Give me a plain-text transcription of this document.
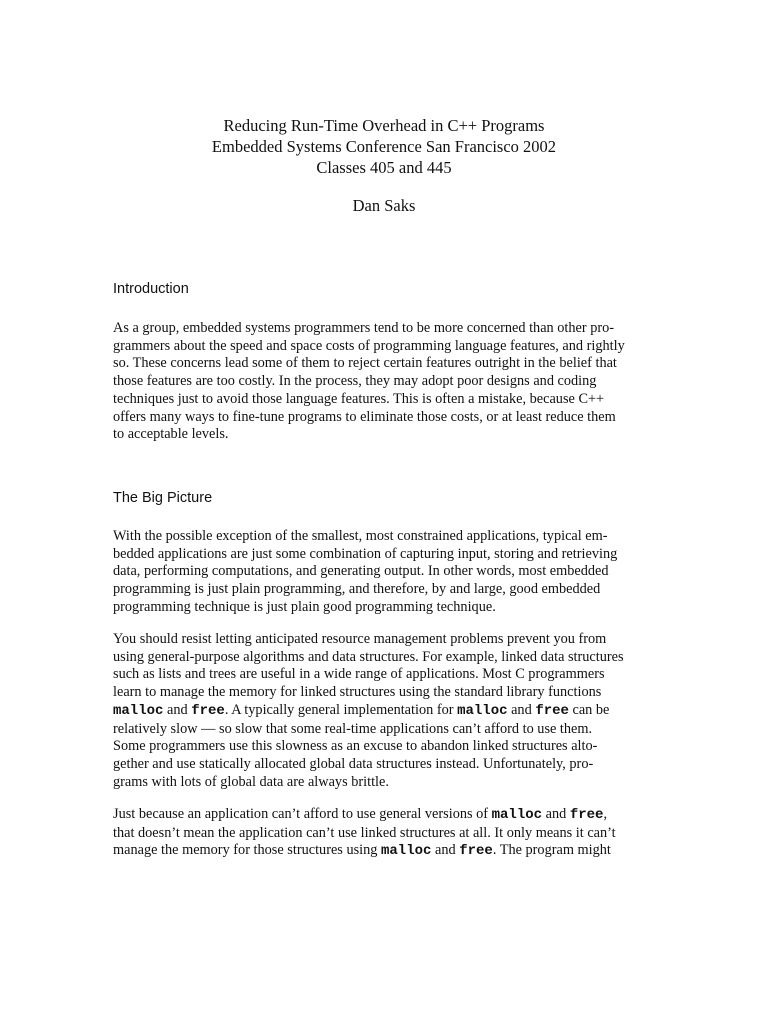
Reducing Run-Time Overhead in C++ Programs
Embedded Systems Conference San Francisco 2002
Classes 405 and 445
Dan Saks
Introduction
As a group, embedded systems programmers tend to be more concerned than other pro-
grammers about the speed and space costs of programming language features, and rightly
so. These concerns lead some of them to reject certain features outright in the belief that
those features are too costly. In the process, they may adopt poor designs and coding
techniques just to avoid those language features. This is often a mistake, because C++
offers many ways to fine-tune programs to eliminate those costs, or at least reduce them
to acceptable levels.
The Big Picture
With the possible exception of the smallest, most constrained applications, typical em-
bedded applications are just some combination of capturing input, storing and retrieving
data, performing computations, and generating output. In other words, most embedded
programming is just plain programming, and therefore, by and large, good embedded
programming technique is just plain good programming technique.
You should resist letting anticipated resource management problems prevent you from
using general-purpose algorithms and data structures. For example, linked data structures
such as lists and trees are useful in a wide range of applications. Most C programmers
learn to manage the memory for linked structures using the standard library functions
malloc and free. A typically general implementation for malloc and free can be
relatively slow — so slow that some real-time applications can’t afford to use them.
Some programmers use this slowness as an excuse to abandon linked structures alto-
gether and use statically allocated global data structures instead. Unfortunately, pro-
grams with lots of global data are always brittle.
Just because an application can’t afford to use general versions of malloc and free,
that doesn’t mean the application can’t use linked structures at all. It only means it can’t
manage the memory for those structures using malloc and free. The program might
